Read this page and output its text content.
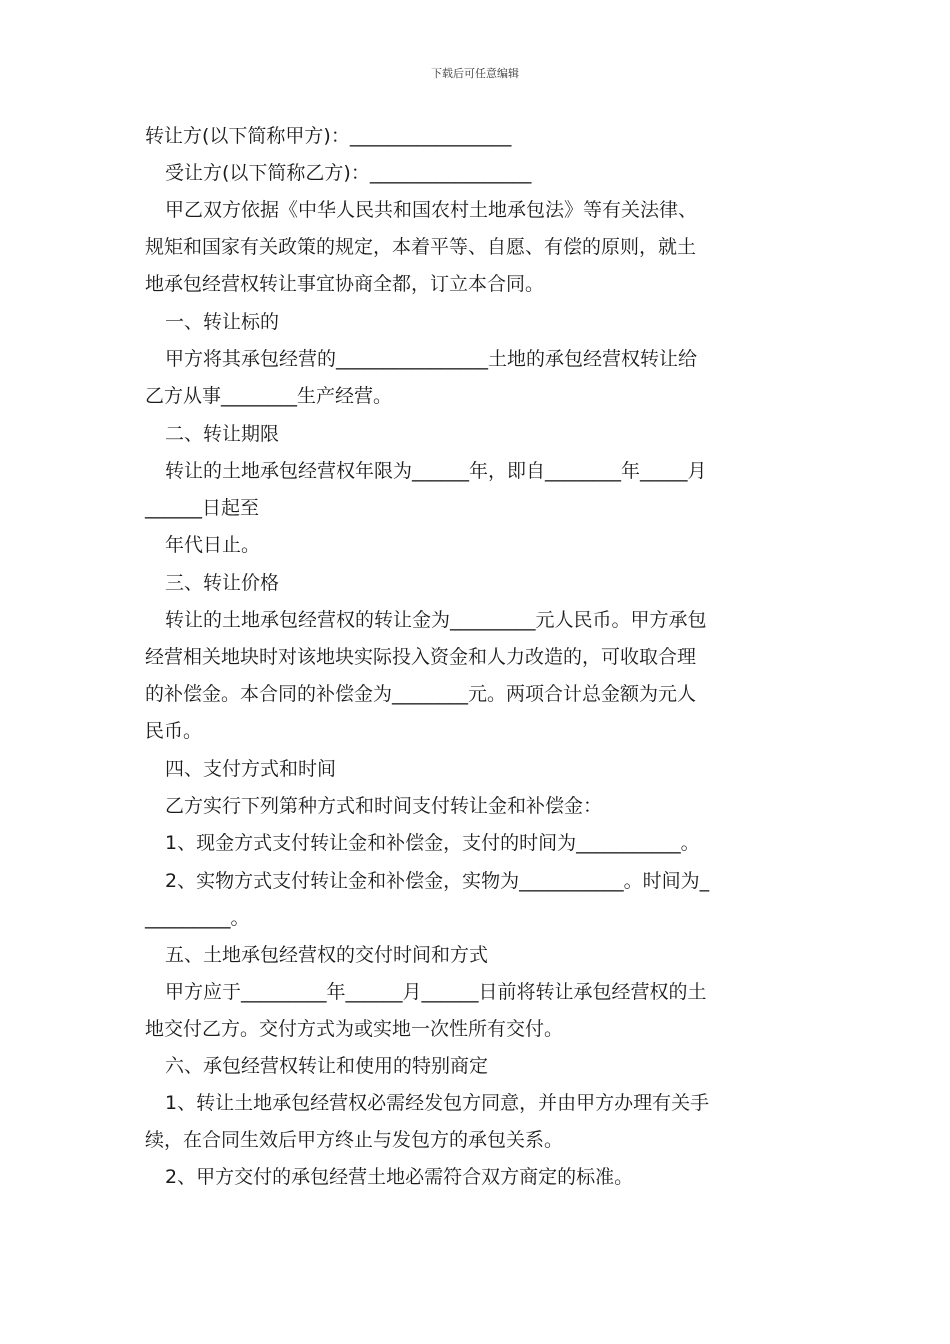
下载后可任意编辑
转让方(以下简称甲方)：_________________
受让方(以下简称乙方)：_________________
甲乙双方依据《中华人民共和国农村土地承包法》等有关法律、
规矩和国家有关政策的规定，本着平等、自愿、有偿的原则，就土
地承包经营权转让事宜协商全都，订立本合同。
一、转让标的
甲方将其承包经营的________________土地的承包经营权转让给
乙方从事________生产经营。
二、转让期限
转让的土地承包经营权年限为______年，即自________年_____月
______日起至
年代日止。
三、转让价格
转让的土地承包经营权的转让金为_________元人民币。甲方承包
经营相关地块时对该地块实际投入资金和人力改造的，可收取合理
的补偿金。本合同的补偿金为________元。两项合计总金额为元人
民币。
四、支付方式和时间
乙方实行下列第种方式和时间支付转让金和补偿金：
1、现金方式支付转让金和补偿金，支付的时间为___________。
2、实物方式支付转让金和补偿金，实物为___________。时间为_
_________。
五、土地承包经营权的交付时间和方式
甲方应于_________年______月______日前将转让承包经营权的土
地交付乙方。交付方式为或实地一次性所有交付。
六、承包经营权转让和使用的特别商定
1、转让土地承包经营权必需经发包方同意，并由甲方办理有关手
续，在合同生效后甲方终止与发包方的承包关系。
2、甲方交付的承包经营土地必需符合双方商定的标准。
